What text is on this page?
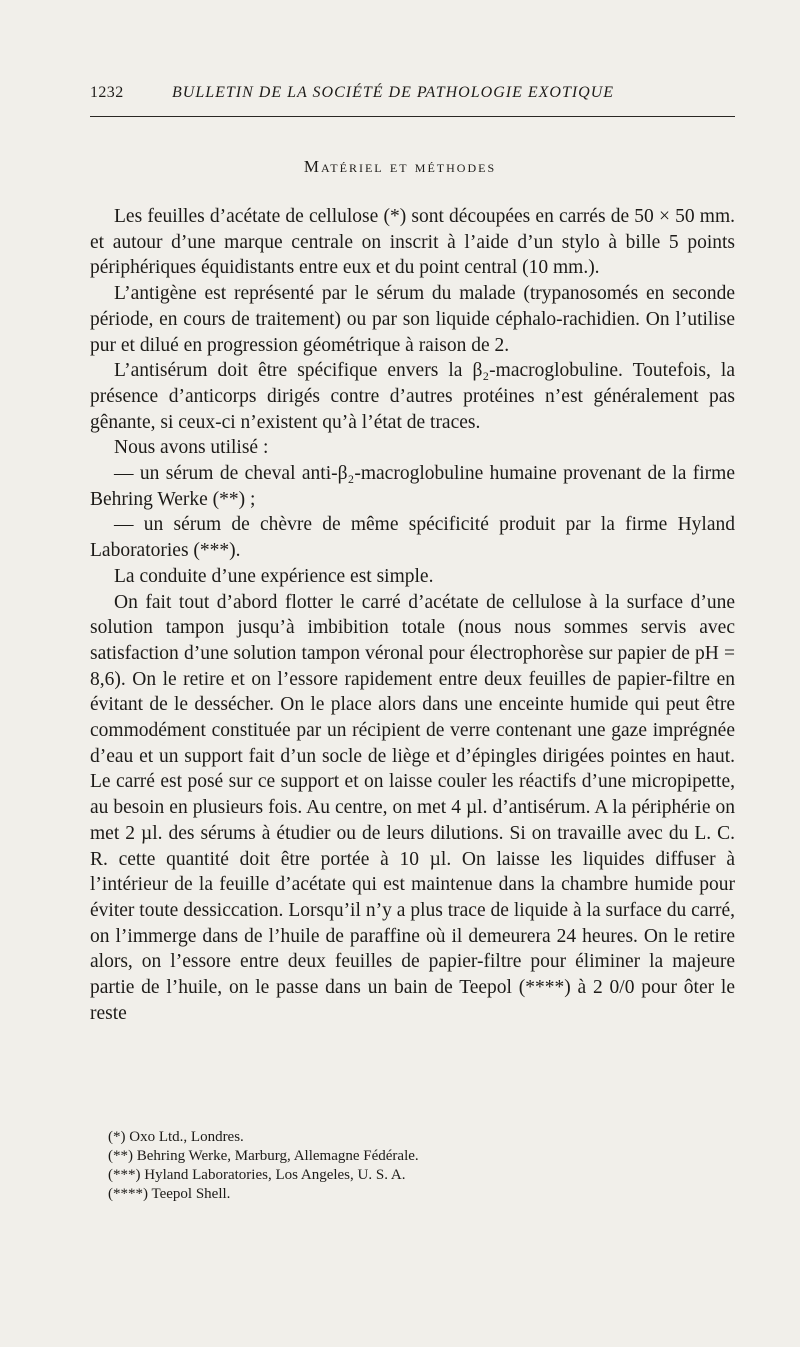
1232	BULLETIN DE LA SOCIÉTÉ DE PATHOLOGIE EXOTIQUE
Matériel et méthodes

Les feuilles d’acétate de cellulose (*) sont découpées en carrés de 50 × 50 mm. et autour d’une marque centrale on inscrit à l’aide d’un stylo à bille 5 points périphériques équidistants entre eux et du point central (10 mm.).

L’antigène est représenté par le sérum du malade (trypanosomés en seconde période, en cours de traitement) ou par son liquide céphalo-rachidien. On l’utilise pur et dilué en progression géométrique à raison de 2.

L’antisérum doit être spécifique envers la β₂-macroglobuline. Toutefois, la présence d’anticorps dirigés contre d’autres protéines n’est généralement pas gênante, si ceux-ci n’existent qu’à l’état de traces.

Nous avons utilisé :

— un sérum de cheval anti-β₂-macroglobuline humaine provenant de la firme Behring Werke (**) ;

— un sérum de chèvre de même spécificité produit par la firme Hyland Laboratories (***).

La conduite d’une expérience est simple.

On fait tout d’abord flotter le carré d’acétate de cellulose à la surface d’une solution tampon jusqu’à imbibition totale (nous nous sommes servis avec satisfaction d’une solution tampon véronal pour électrophorèse sur papier de pH = 8,6). On le retire et on l’essore rapidement entre deux feuilles de papier-filtre en évitant de le dessécher. On le place alors dans une enceinte humide qui peut être commodément constituée par un récipient de verre contenant une gaze imprégnée d’eau et un support fait d’un socle de liège et d’épingles dirigées pointes en haut. Le carré est posé sur ce support et on laisse couler les réactifs d’une micropipette, au besoin en plusieurs fois. Au centre, on met 4 µl. d’antisérum. A la périphérie on met 2 µl. des sérums à étudier ou de leurs dilutions. Si on travaille avec du L. C. R. cette quantité doit être portée à 10 µl. On laisse les liquides diffuser à l’intérieur de la feuille d’acétate qui est maintenue dans la chambre humide pour éviter toute dessiccation. Lorsqu’il n’y a plus trace de liquide à la surface du carré, on l’immerge dans de l’huile de paraffine où il demeurera 24 heures. On le retire alors, on l’essore entre deux feuilles de papier-filtre pour éliminer la majeure partie de l’huile, on le passe dans un bain de Teepol (****) à 2 0/0 pour ôter le reste

(*) Oxo Ltd., Londres.
(**) Behring Werke, Marburg, Allemagne Fédérale.
(***) Hyland Laboratories, Los Angeles, U. S. A.
(****) Teepol Shell.
